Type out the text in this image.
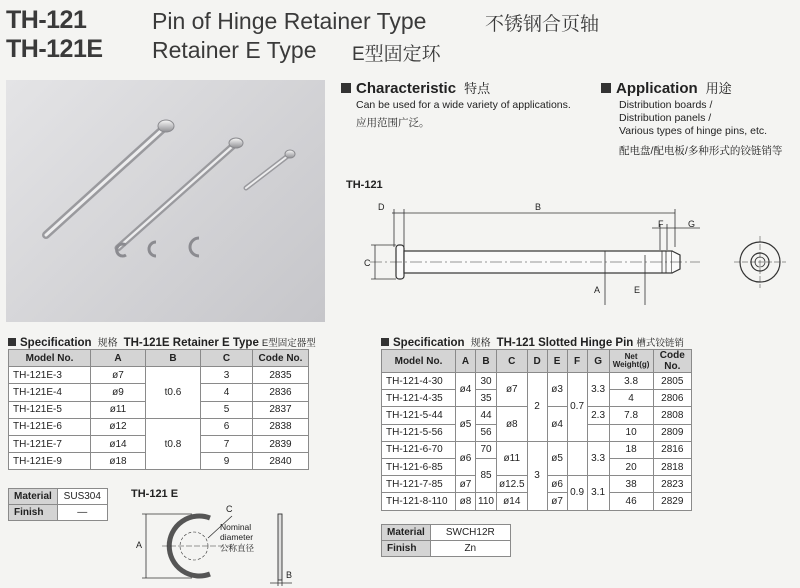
TH-121	Pin of Hinge Retainer Type	不锈钢合页轴
TH-121E Retainer E Type E型固定环
Characteristic 特点
Can be used for a wide variety of applications.
应用范围广泛。
Application 用途
Distribution boards /
Distribution panels /
Various types of hinge pins, etc.
配电盘/配电板/多种形式的铰链销等
TH-121
B
D
F	G
C
A	E
Specification 规格 TH-121E Retainer E Type E型固定器型
Model No.	A	B	C	Code No.
TH-121E-3	ø7	t0.6	3	2835
TH-121E-4	ø9		4	2836
TH-121E-5	ø11		5	2837
TH-121E-6	ø12	t0.8	6	2838
TH-121E-7	ø14		7	2839
TH-121E-9	ø18		9	2840
Material	SUS304
Finish	—
TH-121 E
A
C
Nominal
diameter
公称直径
B
Specification 规格 TH-121 Slotted Hinge Pin 槽式铰链销
Model No.	A	B	C	D	E	F	G	Net Weight(g)	Code No.
TH-121-4-30	ø4	30	ø7	2	ø3	0.7	3.3	3.8	2805
TH-121-4-35		35						4	2806
TH-121-5-44	ø5	44	ø8		ø4		2.3	7.8	2808
TH-121-5-56		56						10	2809
TH-121-6-70	ø6	70	ø11	3	ø5		3.3	18	2816
TH-121-6-85		85						20	2818
TH-121-7-85	ø7		ø12.5		ø6	0.9	3.1	38	2823
TH-121-8-110	ø8	110	ø14		ø7			46	2829
Material	SWCH12R
Finish	Zn
